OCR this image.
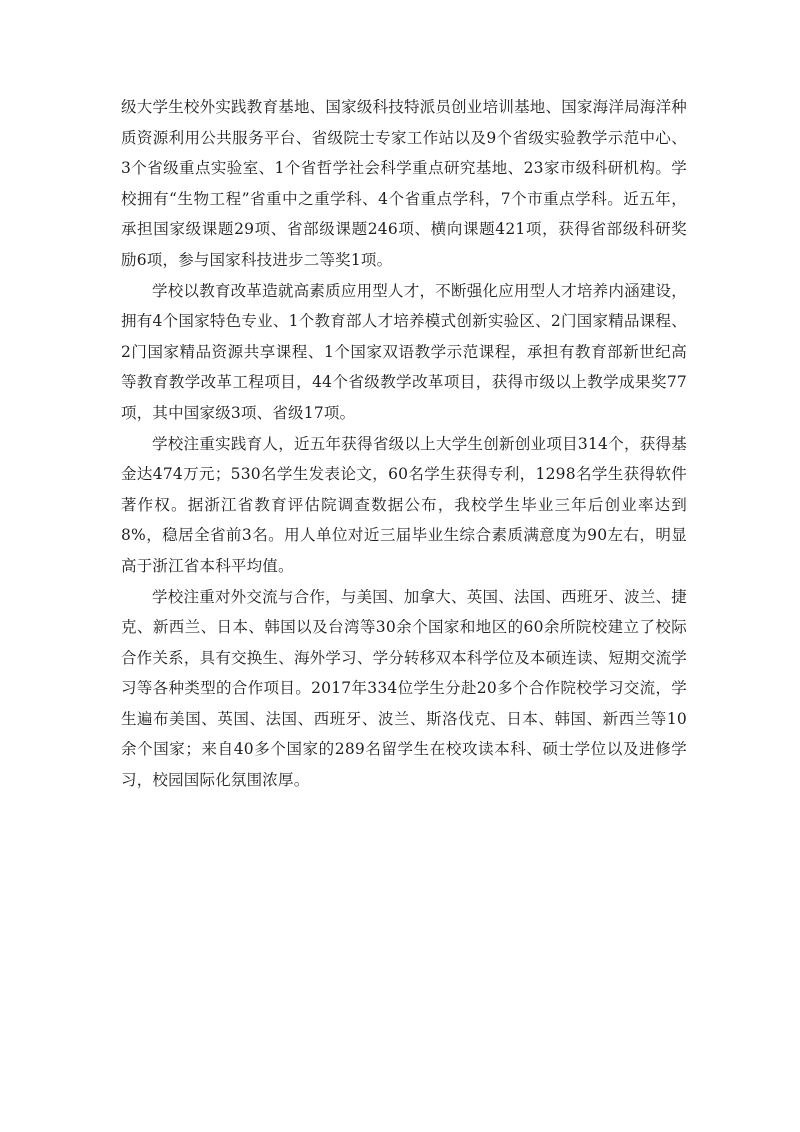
级大学生校外实践教育基地、国家级科技特派员创业培训基地、国家海洋局海洋种质资源利用公共服务平台、省级院士专家工作站以及9个省级实验教学示范中心、3个省级重点实验室、1个省哲学社会科学重点研究基地、23家市级科研机构。学校拥有“生物工程”省重中之重学科、4个省重点学科，7个市重点学科。近五年，承担国家级课题29项、省部级课题246项、横向课题421项，获得省部级科研奖励6项，参与国家科技进步二等奖1项。

学校以教育改革造就高素质应用型人才，不断强化应用型人才培养内涵建设，拥有4个国家特色专业、1个教育部人才培养模式创新实验区、2门国家精品课程、2门国家精品资源共享课程、1个国家双语教学示范课程，承担有教育部新世纪高等教育教学改革工程项目，44个省级教学改革项目，获得市级以上教学成果奖77项，其中国家级3项、省级17项。

学校注重实践育人，近五年获得省级以上大学生创新创业项目314个，获得基金达474万元；530名学生发表论文，60名学生获得专利，1298名学生获得软件著作权。据浙江省教育评估院调查数据公布，我校学生毕业三年后创业率达到8%，稳居全省前3名。用人单位对近三届毕业生综合素质满意度为90左右，明显高于浙江省本科平均值。

学校注重对外交流与合作，与美国、加拿大、英国、法国、西班牙、波兰、捷克、新西兰、日本、韩国以及台湾等30余个国家和地区的60余所院校建立了校际合作关系，具有交换生、海外学习、学分转移双本科学位及本硕连读、短期交流学习等各种类型的合作项目。2017年334位学生分赴20多个合作院校学习交流，学生遍布美国、英国、法国、西班牙、波兰、斯洛伐克、日本、韩国、新西兰等10余个国家；来自40多个国家的289名留学生在校攻读本科、硕士学位以及进修学习，校园国际化氛围浓厚。
